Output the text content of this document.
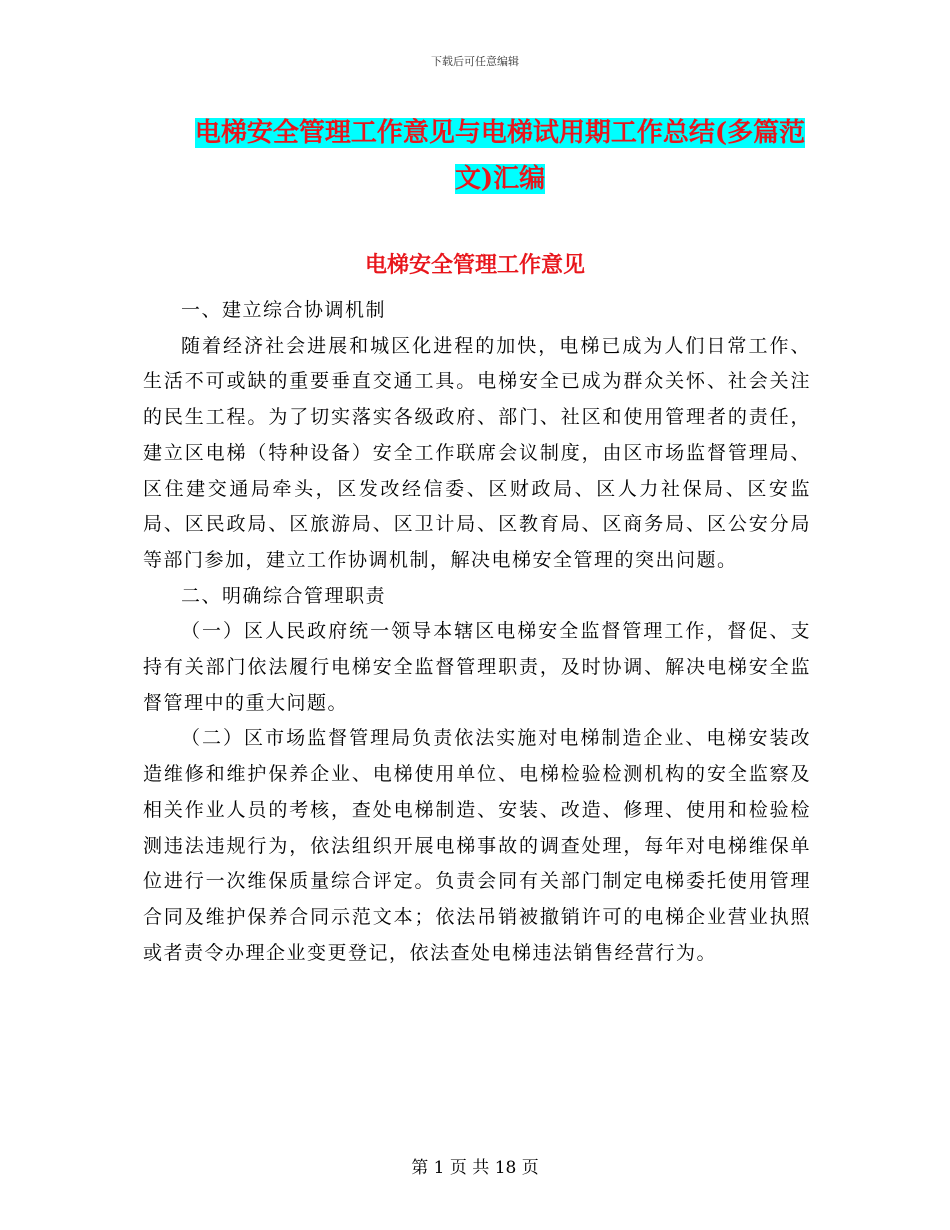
下载后可任意编辑
电梯安全管理工作意见与电梯试用期工作总结(多篇范文)汇编
电梯安全管理工作意见

一、建立综合协调机制

随着经济社会进展和城区化进程的加快，电梯已成为人们日常工作、生活不可或缺的重要垂直交通工具。电梯安全已成为群众关怀、社会关注的民生工程。为了切实落实各级政府、部门、社区和使用管理者的责任，建立区电梯（特种设备）安全工作联席会议制度，由区市场监督管理局、区住建交通局牵头，区发改经信委、区财政局、区人力社保局、区安监局、区民政局、区旅游局、区卫计局、区教育局、区商务局、区公安分局等部门参加，建立工作协调机制，解决电梯安全管理的突出问题。

二、明确综合管理职责

（一）区人民政府统一领导本辖区电梯安全监督管理工作，督促、支持有关部门依法履行电梯安全监督管理职责，及时协调、解决电梯安全监督管理中的重大问题。

（二）区市场监督管理局负责依法实施对电梯制造企业、电梯安装改造维修和维护保养企业、电梯使用单位、电梯检验检测机构的安全监察及相关作业人员的考核，查处电梯制造、安装、改造、修理、使用和检验检测违法违规行为，依法组织开展电梯事故的调查处理，每年对电梯维保单位进行一次维保质量综合评定。负责会同有关部门制定电梯委托使用管理合同及维护保养合同示范文本；依法吊销被撤销许可的电梯企业营业执照或者责令办理企业变更登记，依法查处电梯违法销售经营行为。

第 1 页 共 18 页
